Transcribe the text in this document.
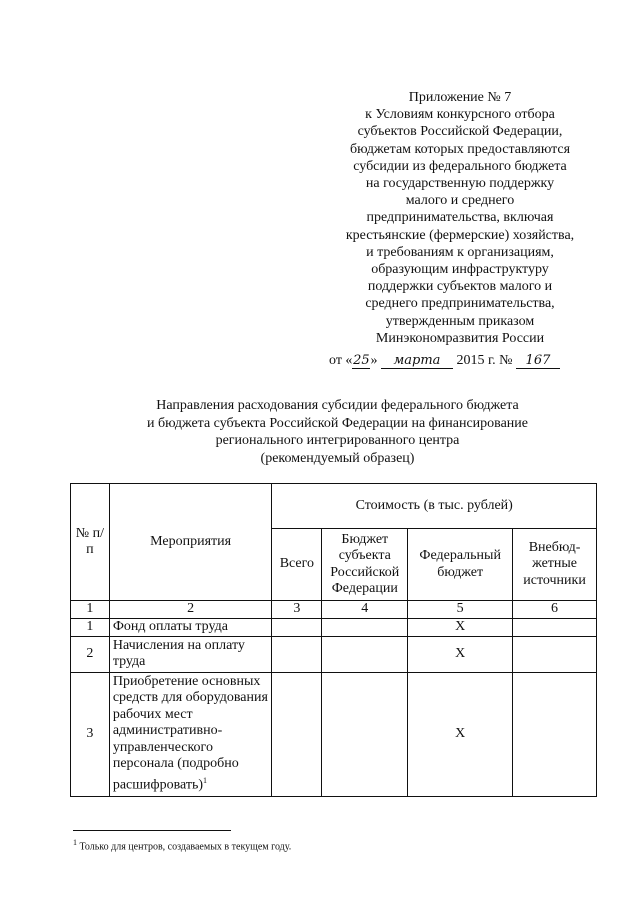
Приложение № 7
к Условиям конкурсного отбора
субъектов Российской Федерации,
бюджетам которых предоставляются
субсидии из федерального бюджета
на государственную поддержку
малого и среднего
предпринимательства, включая
крестьянские (фермерские) хозяйства,
и требованиям к организациям,
образующим инфраструктуру
поддержки субъектов малого и
среднего предпринимательства,
утвержденным приказом
Минэкономразвития России
от «25» марта 2015 г. № 167
Направления расходования субсидии федерального бюджета
и бюджета субъекта Российской Федерации на финансирование
регионального интегрированного центра
(рекомендуемый образец)
№ п/п	Мероприятия	Стоимость (в тыс. рублей)			
		Всего	Бюджет субъекта Российской Федерации	Федеральный бюджет	Внебюд-жетные источники
1	2	3	4	5	6
1	Фонд оплаты труда			X	
2	Начисления на оплату труда			X	
3	Приобретение основных средств для оборудования рабочих мест административно-управленческого персонала (подробно расшифровать)$^1$			X	
$^1$ Только для центров, создаваемых в текущем году.
